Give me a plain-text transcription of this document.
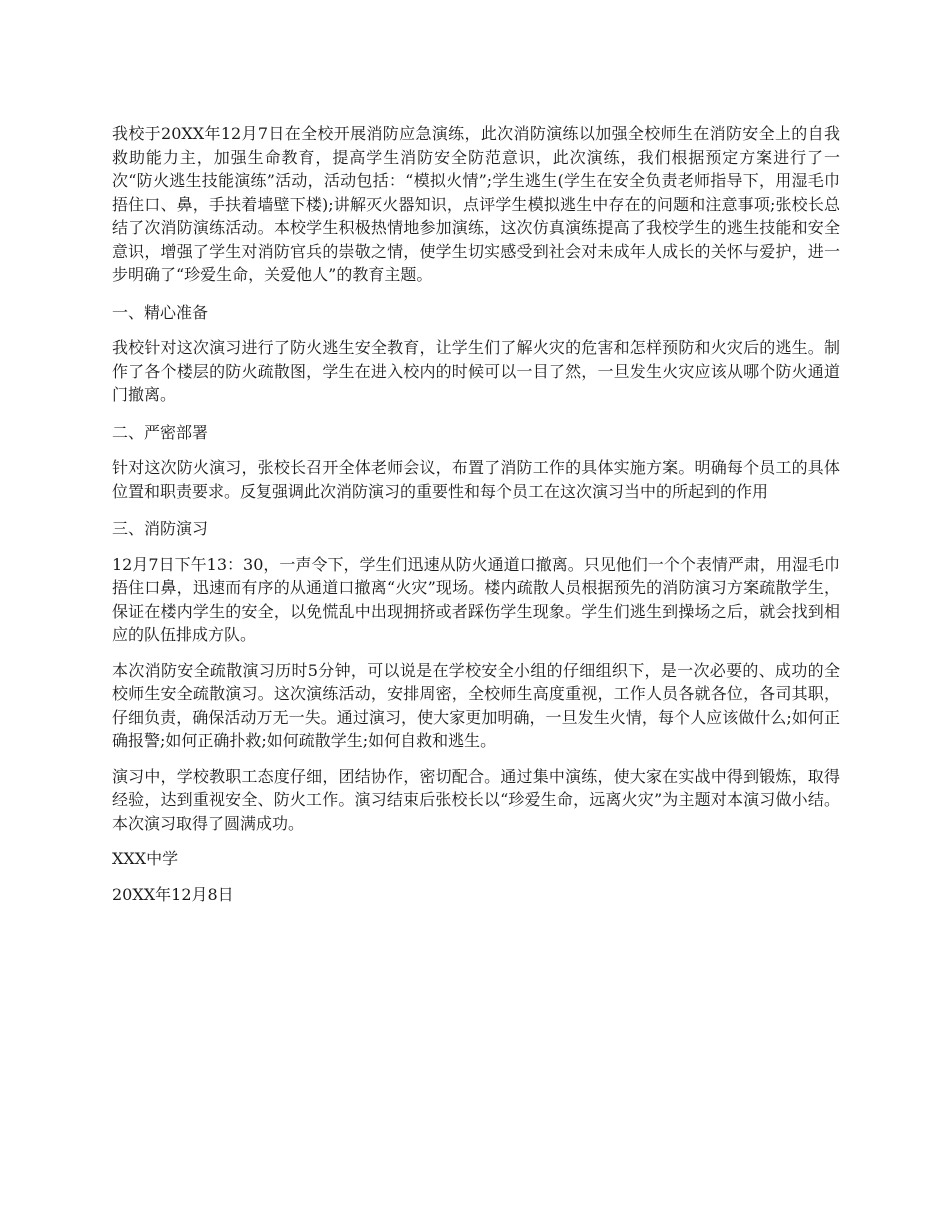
我校于20XX年12月7日在全校开展消防应急演练，此次消防演练以加强全校师生在消防安全上的自我救助能力主，加强生命教育，提高学生消防安全防范意识，此次演练，我们根据预定方案进行了一次“防火逃生技能演练”活动，活动包括：“模拟火情”;学生逃生(学生在安全负责老师指导下，用湿毛巾捂住口、鼻，手扶着墙壁下楼);讲解灭火器知识，点评学生模拟逃生中存在的问题和注意事项;张校长总结了次消防演练活动。本校学生积极热情地参加演练，这次仿真演练提高了我校学生的逃生技能和安全意识，增强了学生对消防官兵的崇敬之情，使学生切实感受到社会对未成年人成长的关怀与爱护，进一步明确了“珍爱生命，关爱他人”的教育主题。

一、精心准备

我校针对这次演习进行了防火逃生安全教育，让学生们了解火灾的危害和怎样预防和火灾后的逃生。制作了各个楼层的防火疏散图，学生在进入校内的时候可以一目了然，一旦发生火灾应该从哪个防火通道门撤离。

二、严密部署

针对这次防火演习，张校长召开全体老师会议，布置了消防工作的具体实施方案。明确每个员工的具体位置和职责要求。反复强调此次消防演习的重要性和每个员工在这次演习当中的所起到的作用

三、消防演习

12月7日下午13：30，一声令下，学生们迅速从防火通道口撤离。只见他们一个个表情严肃，用湿毛巾捂住口鼻，迅速而有序的从通道口撤离“火灾”现场。楼内疏散人员根据预先的消防演习方案疏散学生，保证在楼内学生的安全，以免慌乱中出现拥挤或者踩伤学生现象。学生们逃生到操场之后，就会找到相应的队伍排成方队。

本次消防安全疏散演习历时5分钟，可以说是在学校安全小组的仔细组织下，是一次必要的、成功的全校师生安全疏散演习。这次演练活动，安排周密，全校师生高度重视，工作人员各就各位，各司其职，仔细负责，确保活动万无一失。通过演习，使大家更加明确，一旦发生火情，每个人应该做什么;如何正确报警;如何正确扑救;如何疏散学生;如何自救和逃生。

演习中，学校教职工态度仔细，团结协作，密切配合。通过集中演练，使大家在实战中得到锻炼，取得经验，达到重视安全、防火工作。演习结束后张校长以“珍爱生命，远离火灾”为主题对本演习做小结。本次演习取得了圆满成功。

XXX中学

20XX年12月8日
